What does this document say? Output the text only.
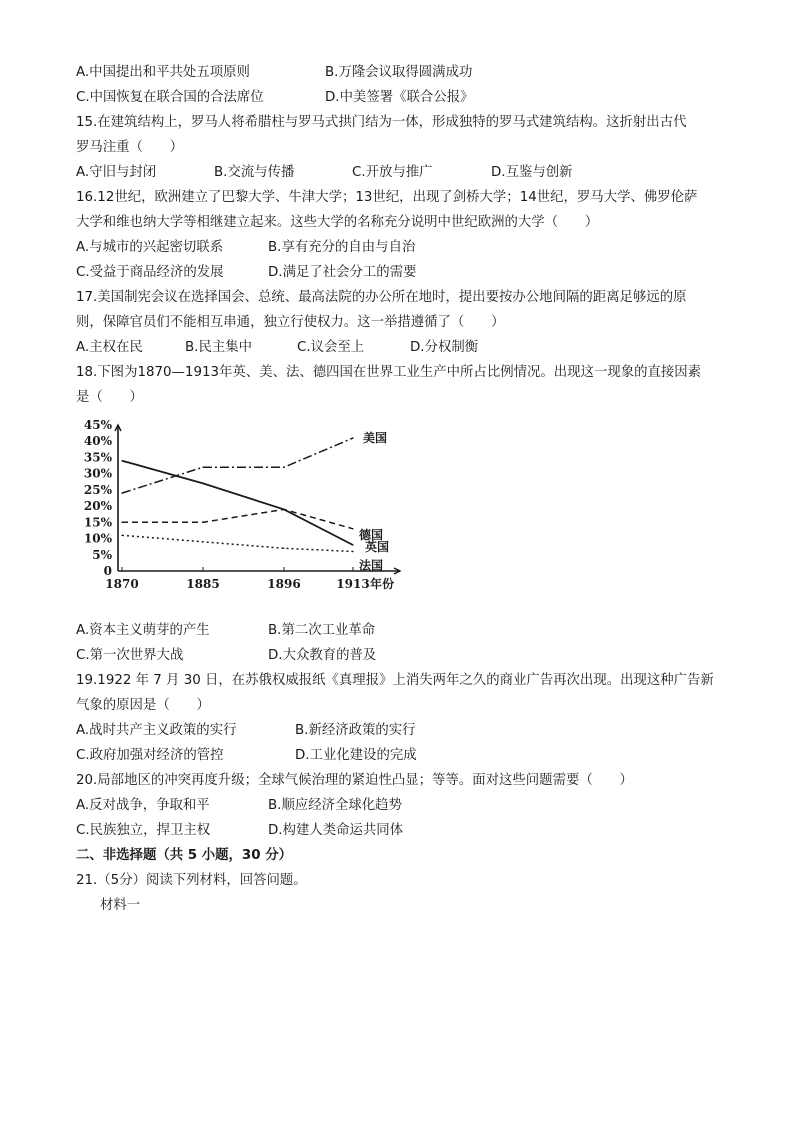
A.中国提出和平共处五项原则	B.万隆会议取得圆满成功
C.中国恢复在联合国的合法席位	D.中美签署《联合公报》
15.在建筑结构上，罗马人将希腊柱与罗马式拱门结为一体，形成独特的罗马式建筑结构。这折射出古代
罗马注重（　　）
A.守旧与封闭	B.交流与传播	C.开放与推广	D.互鉴与创新
16.12世纪，欧洲建立了巴黎大学、牛津大学；13世纪，出现了剑桥大学；14世纪，罗马大学、佛罗伦萨
大学和维也纳大学等相继建立起来。这些大学的名称充分说明中世纪欧洲的大学（　　）
A.与城市的兴起密切联系	B.享有充分的自由与自治
C.受益于商品经济的发展	D.满足了社会分工的需要
17.美国制宪会议在选择国会、总统、最高法院的办公所在地时，提出要按办公地间隔的距离足够远的原
则，保障官员们不能相互串通，独立行使权力。这一举措遵循了（　　）
A.主权在民	B.民主集中	C.议会至上	D.分权制衡
18.下图为1870—1913年英、美、法、德四国在世界工业生产中所占比例情况。出现这一现象的直接因素
是（　　）
0
5%
10%
15%
20%
25%
30%
35%
40%
45%
1870	1885	1896	1913 年份
美国
英国
德国
法国
A.资本主义萌芽的产生	B.第二次工业革命
C.第一次世界大战	D.大众教育的普及
19.1922 年 7 月 30 日，在苏俄权威报纸《真理报》上消失两年之久的商业广告再次出现。出现这种广告新
气象的原因是（　　）
A.战时共产主义政策的实行	B.新经济政策的实行
C.政府加强对经济的管控	D.工业化建设的完成
20.局部地区的冲突再度升级；全球气候治理的紧迫性凸显；等等。面对这些问题需要（　　）
A.反对战争，争取和平	B.顺应经济全球化趋势
C.民族独立，捍卫主权	D.构建人类命运共同体
二、非选择题（共 5 小题，30 分）
21.（5分）阅读下列材料，回答问题。
材料一
